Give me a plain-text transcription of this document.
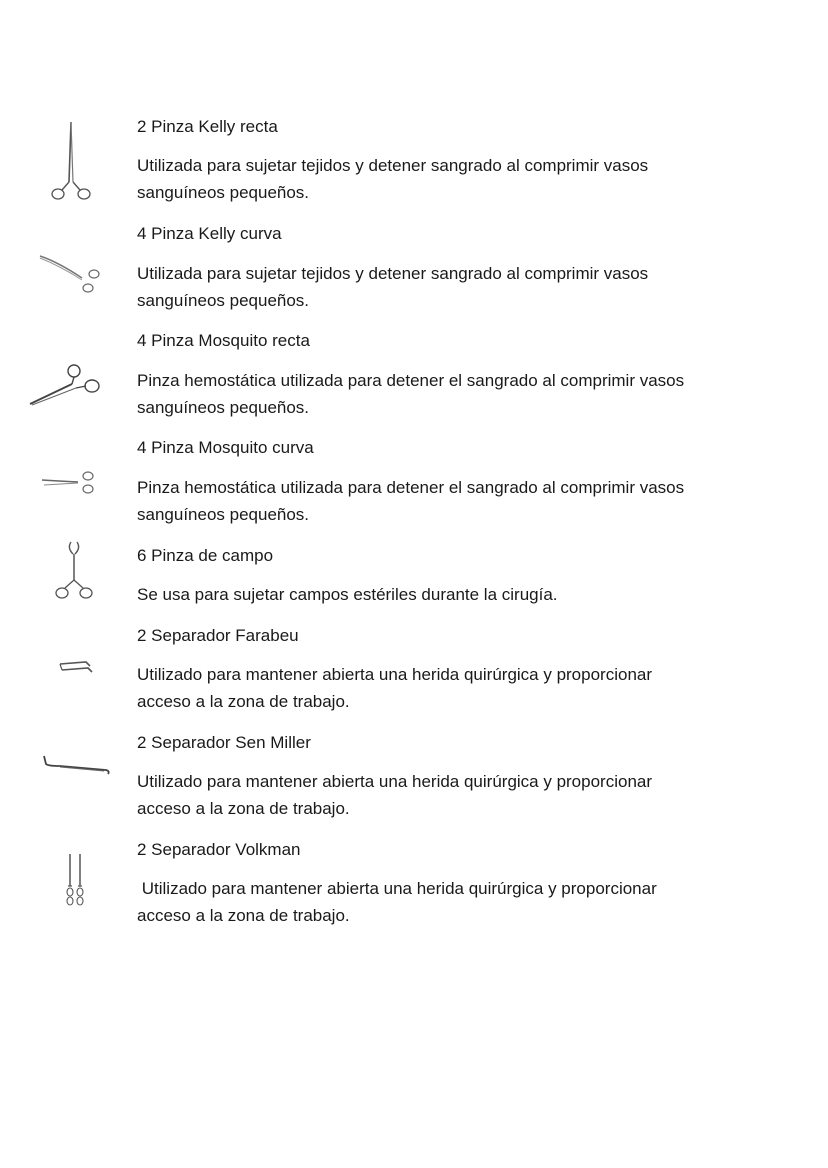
2 Pinza Kelly recta
Utilizada para sujetar tejidos y detener sangrado al comprimir vasos sanguíneos pequeños.
4 Pinza Kelly curva
Utilizada para sujetar tejidos y detener sangrado al comprimir vasos sanguíneos pequeños.
4 Pinza Mosquito recta
Pinza hemostática utilizada para detener el sangrado al comprimir vasos sanguíneos pequeños.
4 Pinza Mosquito curva
Pinza hemostática utilizada para detener el sangrado al comprimir vasos sanguíneos pequeños.
6 Pinza de campo
Se usa para sujetar campos estériles durante la cirugía.
2 Separador Farabeu
Utilizado para mantener abierta una herida quirúrgica y proporcionar acceso a la zona de trabajo.
2 Separador Sen Miller
Utilizado para mantener abierta una herida quirúrgica y proporcionar acceso a la zona de trabajo.
2 Separador Volkman
Utilizado para mantener abierta una herida quirúrgica y proporcionar acceso a la zona de trabajo.
